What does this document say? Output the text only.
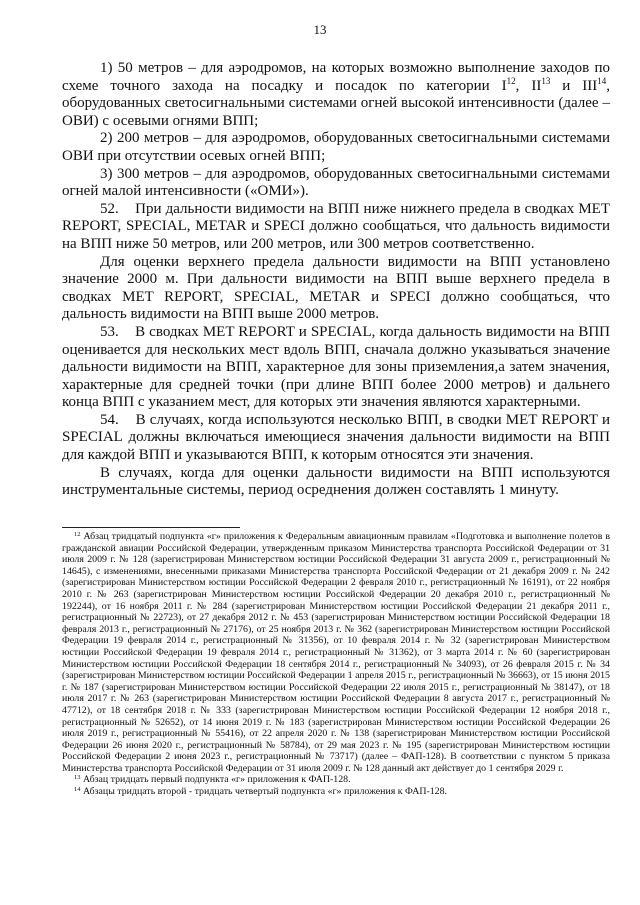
13

1) 50 метров – для аэродромов, на которых возможно выполнение заходов по схеме точного захода на посадку и посадок по категории $I^{12}$, II$^{13}$ и III$^{14}$, оборудованных светосигнальными системами огней высокой интенсивности (далее – ОВИ) с осевыми огнями ВПП;

2) 200 метров – для аэродромов, оборудованных светосигнальными системами ОВИ при отсутствии осевых огней ВПП;

3) 300 метров – для аэродромов, оборудованных светосигнальными системами огней малой интенсивности («ОМИ»).

52.    При дальности видимости на ВПП ниже нижнего предела в сводках MET REPORT, SPECIAL, METAR и SPECI должно сообщаться, что дальность видимости на ВПП ниже 50 метров, или 200 метров, или 300 метров соответственно.

Для оценки верхнего предела дальности видимости на ВПП установлено значение 2000 м. При дальности видимости на ВПП выше верхнего предела в сводках MET REPORT, SPECIAL, METAR и SPECI должно сообщаться, что дальность видимости на ВПП выше 2000 метров.

53.    В сводках MET REPORT и SPECIAL, когда дальность видимости на ВПП оценивается для нескольких мест вдоль ВПП, сначала должно указываться значение дальности видимости на ВПП, характерное для зоны приземления,а затем значения, характерные для средней точки (при длине ВПП более 2000 метров) и дальнего конца ВПП с указанием мест, для которых эти значения являются характерными.

54.    В случаях, когда используются несколько ВПП, в сводки MET REPORT и SPECIAL должны включаться имеющиеся значения дальности видимости на ВПП для каждой ВПП и указываются ВПП, к которым относятся эти значения.

В случаях, когда для оценки дальности видимости на ВПП используются инструментальные системы, период осреднения должен составлять 1 минуту.

$^{12}$ Абзац тридцатый подпункта «г» приложения к Федеральным авиационным правилам «Подготовка и выполнение полетов в гражданской авиации Российской Федерации, утвержденным приказом Министерства транспорта Российской Федерации от 31 июля 2009 г. № 128 (зарегистрирован Министерством юстиции Российской Федерации 31 августа 2009 г., регистрационный № 14645), с изменениями, внесенными приказами Министерства транспорта Российской Федерации от 21 декабря 2009 г. № 242 (зарегистрирован Министерством юстиции Российской Федерации 2 февраля 2010 г., регистрационный № 16191), от 22 ноября 2010 г. № 263 (зарегистрирован Министерством юстиции Российской Федерации 20 декабря 2010 г., регистрационный № 192244), от 16 ноября 2011 г. № 284 (зарегистрирован Министерством юстиции Российской Федерации 21 декабря 2011 г., регистрационный № 22723), от 27 декабря 2012 г. № 453 (зарегистрирован Министерством юстиции Российской Федерации 18 февраля 2013 г., регистрационный № 27176), от 25 ноября 2013 г. № 362 (зарегистрирован Министерством юстиции Российской Федерации 19 февраля 2014 г., регистрационный № 31356), от 10 февраля 2014 г. № 32 (зарегистрирован Министерством юстиции Российской Федерации 19 февраля 2014 г., регистрационный № 31362), от 3 марта 2014 г. № 60 (зарегистрирован Министерством юстиции Российской Федерации 18 сентября 2014 г., регистрационный № 34093), от 26 февраля 2015 г. № 34 (зарегистрирован Министерством юстиции Российской Федерации 1 апреля 2015 г., регистрационный № 36663), от 15 июня 2015 г. № 187 (зарегистрирован Министерством юстиции Российской Федерации 22 июля 2015 г., регистрационный № 38147), от 18 июля 2017 г. № 263 (зарегистрирован Министерством юстиции Российской Федерации 8 августа 2017 г., регистрационный № 47712), от 18 сентября 2018 г. № 333 (зарегистрирован Министерством юстиции Российской Федерации 12 ноября 2018 г., регистрационный № 52652), от 14 июня 2019 г. № 183 (зарегистрирован Министерством юстиции Российской Федерации 26 июля 2019 г., регистрационный № 55416), от 22 апреля 2020 г. № 138 (зарегистрирован Министерством юстиции Российской Федерации 26 июня 2020 г., регистрационный № 58784), от 29 мая 2023 г. № 195 (зарегистрирован Министерством юстиции Российской Федерации 2 июня 2023 г., регистрационный № 73717) (далее – ФАП-128). В соответствии с пунктом 5 приказа Министерства транспорта Российской Федерации от 31 июля 2009 г. № 128 данный акт действует до 1 сентября 2029 г.

$^{13}$ Абзац тридцать первый подпункта «г» приложения к ФАП-128.

$^{14}$ Абзацы тридцать второй - тридцать четвертый подпункта «г» приложения к ФАП-128.
